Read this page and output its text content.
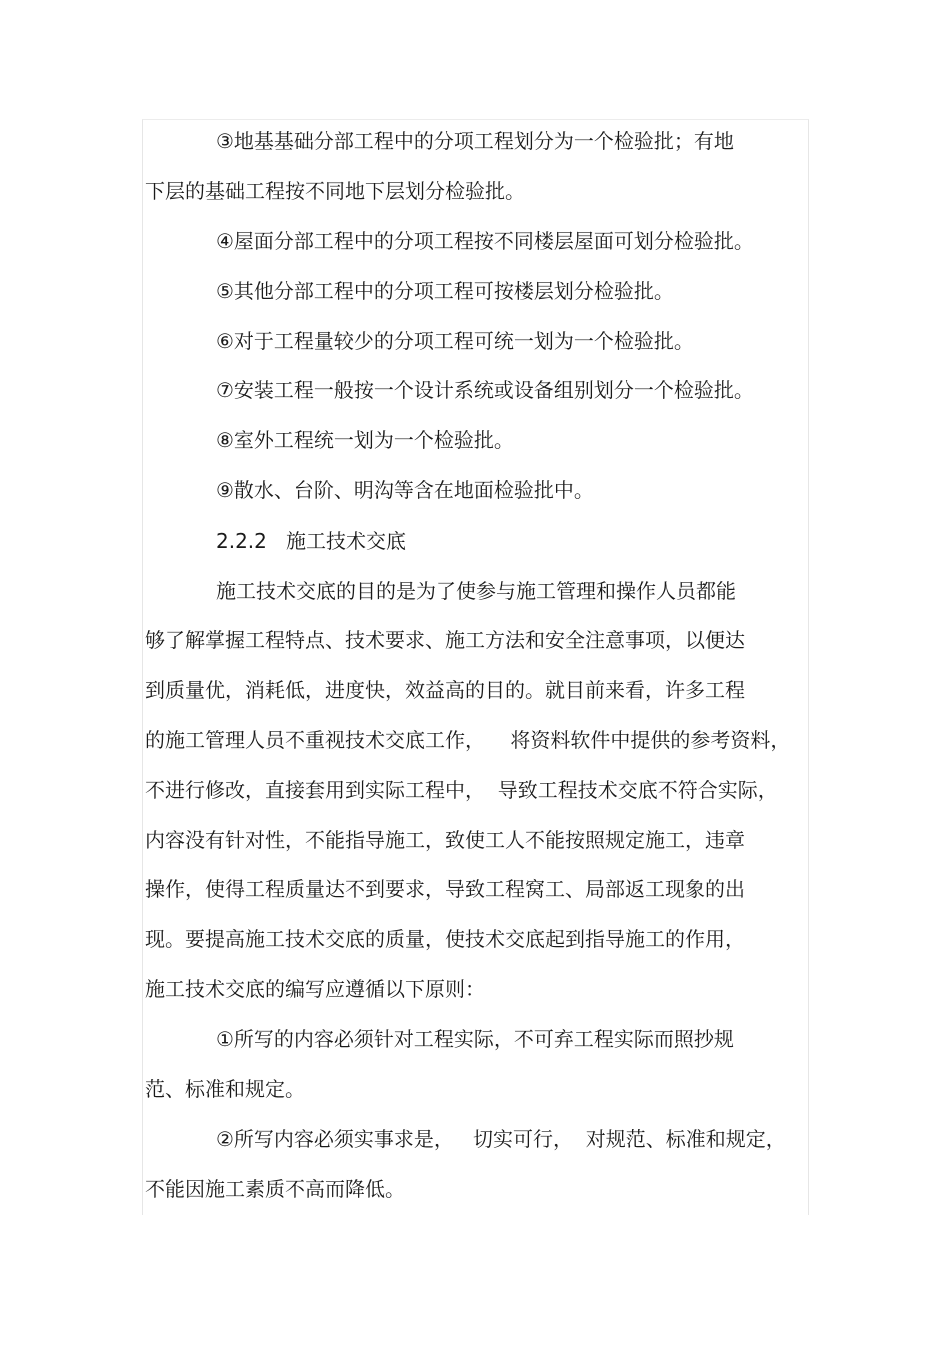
③地基基础分部工程中的分项工程划分为一个检验批；有地
下层的基础工程按不同地下层划分检验批。
④屋面分部工程中的分项工程按不同楼层屋面可划分检验批。
⑤其他分部工程中的分项工程可按楼层划分检验批。
⑥对于工程量较少的分项工程可统一划为一个检验批。
⑦安装工程一般按一个设计系统或设备组别划分一个检验批。
⑧室外工程统一划为一个检验批。
⑨散水、台阶、明沟等含在地面检验批中。
2.2.2   施工技术交底
施工技术交底的目的是为了使参与施工管理和操作人员都能
够了解掌握工程特点、技术要求、施工方法和安全注意事项，以便达
到质量优，消耗低，进度快，效益高的目的。就目前来看，许多工程
的施工管理人员不重视技术交底工作，    将资料软件中提供的参考资料，
不进行修改，直接套用到实际工程中，  导致工程技术交底不符合实际，
内容没有针对性，不能指导施工，致使工人不能按照规定施工，违章
操作，使得工程质量达不到要求，导致工程窝工、局部返工现象的出
现。要提高施工技术交底的质量，使技术交底起到指导施工的作用，
施工技术交底的编写应遵循以下原则：
①所写的内容必须针对工程实际，不可弃工程实际而照抄规
范、标准和规定。
②所写内容必须实事求是，   切实可行，  对规范、标准和规定，
不能因施工素质不高而降低。
